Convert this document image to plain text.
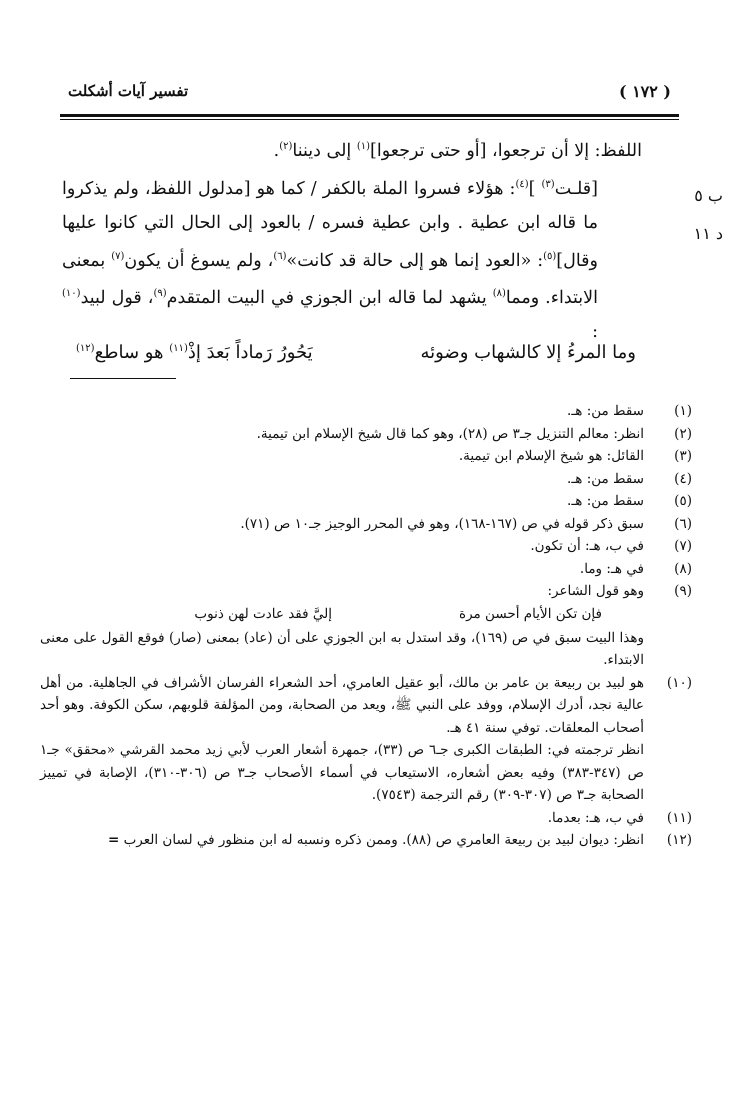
( ١٧٢ )
تفسير آيات أشكلت
ب ٥
د ١١

اللفظ: إلا أن ترجعوا، [أو حتى ترجعوا]$^{(١)}$ إلى ديننا$^{(٢)}$.

[قلـت$^{(٣)}$ ]$^{(٤)}$: هؤلاء فسروا الملة بالكفر / كما هو [مدلول اللفظ، ولم يذكروا ما قاله ابن عطية . وابن عطية فسره / بالعود إلى الحال التي كانوا عليها وقال]$^{(٥)}$: «العود إنما هو إلى حالة قد كانت»$^{(٦)}$، ولم يسوغ أن يكون$^{(٧)}$ بمعنى الابتداء. ومما$^{(٨)}$ يشهد لما قاله ابن الجوزي في البيت المتقدم$^{(٩)}$، قول لبيد$^{(١٠)}$ :

وما المرءُ إلا كالشهاب وضوئه
يَحُورُ رَماداً بَعدَ إذْ$^{(١١)}$ هو ساطع$^{(١٢)}$
(١)
سقط من: هـ.
(٢)
انظر: معالم التنزيل جـ٣ ص (٢٨)، وهو كما قال شيخ الإسلام ابن تيمية.
(٣)
القائل: هو شيخ الإسلام ابن تيمية.
(٤)
سقط من: هـ.
(٥)
سقط من: هـ.
(٦)
سبق ذكر قوله في ص (١٦٧-١٦٨)، وهو في المحرر الوجيز جـ١٠ ص (٧١).
(٧)
في ب، هـ: أن تكون.
(٨)
في هـ: وما.
(٩)
وهو قول الشاعر:
فإن تكن الأيام أحسن مرة
إليَّ فقد عادت لهن ذنوب
وهذا البيت سبق في ص (١٦٩)، وقد استدل به ابن الجوزي على أن (عاد) بمعنى (صار) فوقع القول على معنى الابتداء.
(١٠)
هو لبيد بن ربيعة بن عامر بن مالك، أبو عقيل العامري، أحد الشعراء الفرسان الأشراف في الجاهلية. من أهل عالية نجد، أدرك الإسلام، ووفد على النبي ﷺ، ويعد من الصحابة، ومن المؤلفة قلوبهم، سكن الكوفة. وهو أحد أصحاب المعلقات. توفي سنة ٤١ هـ.
انظر ترجمته في: الطبقات الكبرى جـ٦ ص (٣٣)، جمهرة أشعار العرب لأبي زيد محمد القرشي «محقق» جـ١ ص (٣٤٧-٣٨٣) وفيه بعض أشعاره، الاستيعاب في أسماء الأصحاب جـ٣ ص (٣٠٦-٣١٠)، الإصابة في تمييز الصحابة جـ٣ ص (٣٠٧-٣٠٩) رقم الترجمة (٧٥٤٣).
(١١)
في ب، هـ: بعدما.
(١٢)
انظر: ديوان لبيد بن ربيعة العامري ص (٨٨). وممن ذكره ونسبه له ابن منظور في لسان العرب =
